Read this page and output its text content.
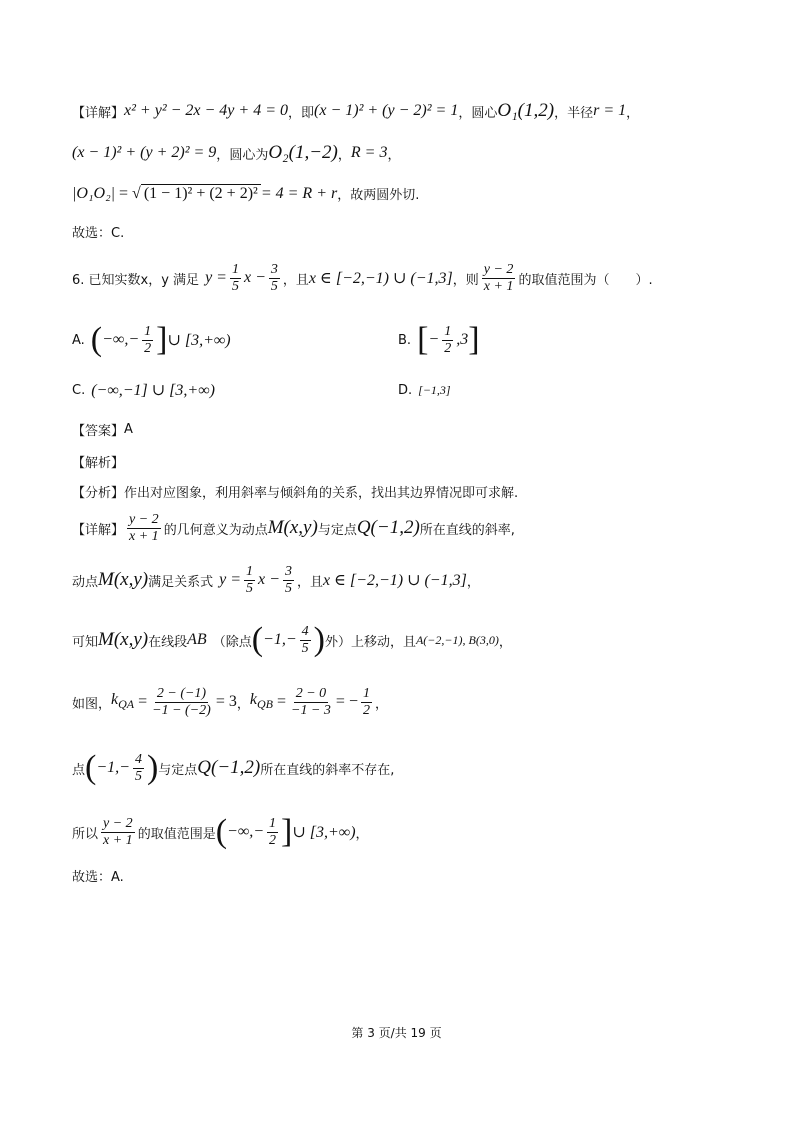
【详解】 x² + y² − 2x − 4y + 4 = 0 ， 即 (x − 1)² + (y − 2)² = 1 ， 圆心 O₁(1,2) ， 半径 r = 1 ，
(x − 1)² + (y + 2)² = 9 ， 圆心为 O₂(1,−2) ， R = 3 ，
|O₁O₂| = √ (1 − 1)² + (2 + 2)² = 4 = R + r ，故两圆外切.
故选：C.
6. 已知实数x，y 满足 $y = \frac{1}{5}$ $x - \frac{3}{5}$ ，且 x ∈ [−2,−1) ∪ (−1,3] ，则 $\frac{y - 2}{x + 1}$ 的取值范围为（　　）.
A. ( −∞,− $\frac{1}{2}$ ] ∪ [3,+∞)	B. [ − $\frac{1}{2} ,3$ ]
C. (−∞,−1] ∪ [3,+∞)	D. [−1,3]
【答案】 A
【解析】
【分析】 作出对应图象，利用斜率与倾斜角的关系，找出其边界情况即可求解.
【详解】 $\frac{y - 2}{x + 1}$ 的几何意义为动点 M(x,y) 与定点 Q(−1,2) 所在直线的斜率,
动点 M(x,y) 满足关系式 $y = \frac{1}{5}$ $x - \frac{3}{5}$ ，且 x ∈ [−2,−1) ∪ (−1,3] ，
可知 M(x,y) 在线段 AB （除点 ( $-1,- \frac{4}{5}$ ) 外）上移动，且 A(−2,−1), B(3,0) ，
如图， $k_{QA} = \frac{2 - (-1)}{-1 - (-2)} = 3$ ， $k_{QB} = \frac{2 - 0}{-1 - 3}$ = − $\frac{1}{2}$ ，
点 ( $-1,- \frac{4}{5}$ ) 与定点 Q(−1,2) 所在直线的斜率不存在,
所以 $\frac{y - 2}{x + 1}$ 的取值范围是 ( −∞,− $\frac{1}{2}$ ] ∪ [3,+∞) ，
故选：A.
第 3 页/共 19 页
